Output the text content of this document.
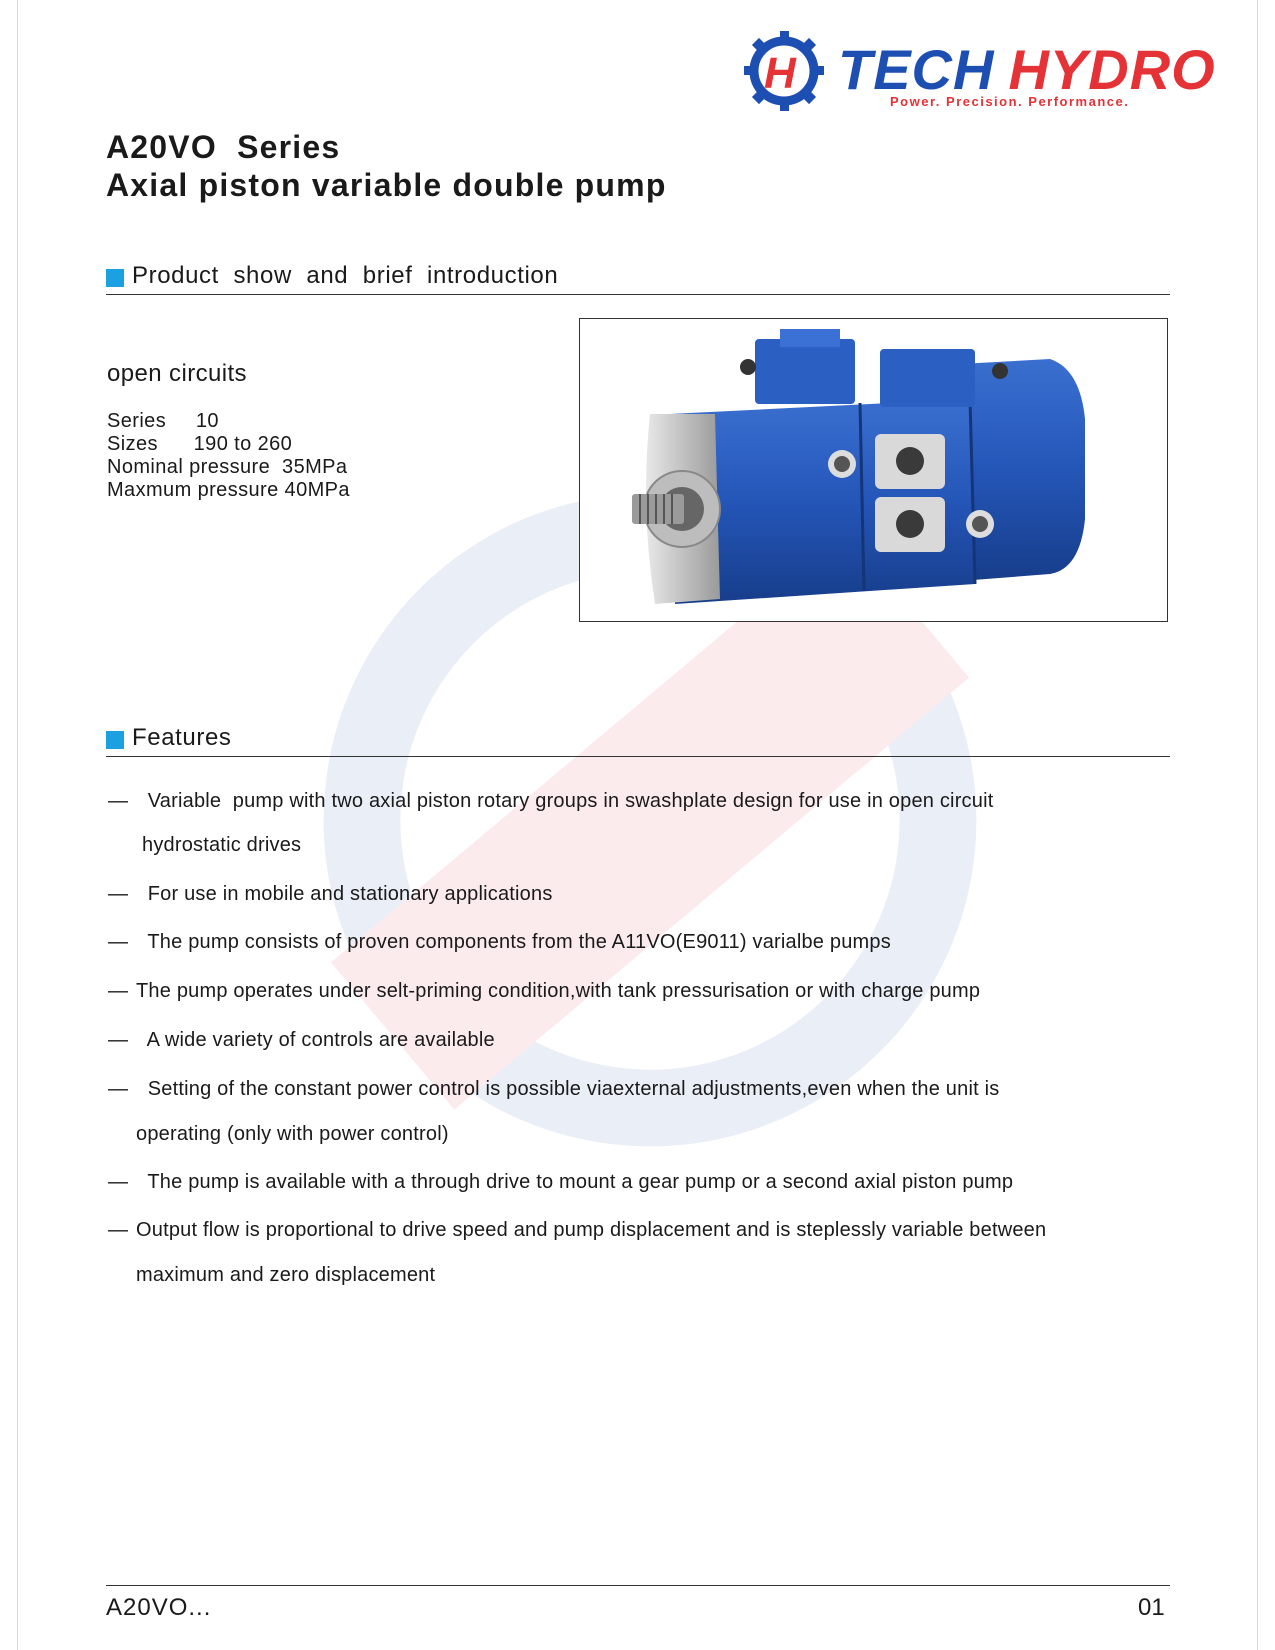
H TECH HYDRO
Power. Precision. Performance.
A20VO  Series
Axial piston variable double pump
Product  show  and  brief  introduction
open circuits
Series     10
Sizes      190 to 260
Nominal pressure  35MPa
Maxmum pressure 40MPa
Features
— Variable  pump with two axial piston rotary groups in swashplate design for use in open circuit
hydrostatic drives
— For use in mobile and stationary applications
— The pump consists of proven components from the A11VO(E9011) varialbe pumps
— The pump operates under selt-priming condition,with tank pressurisation or with charge pump
— A wide variety of controls are available
— Setting of the constant power control is possible viaexternal adjustments,even when the unit is
operating (only with power control)
— The pump is available with a through drive to mount a gear pump or a second axial piston pump
— Output flow is proportional to drive speed and pump displacement and is steplessly variable between
maximum and zero displacement
A20VO...	01
